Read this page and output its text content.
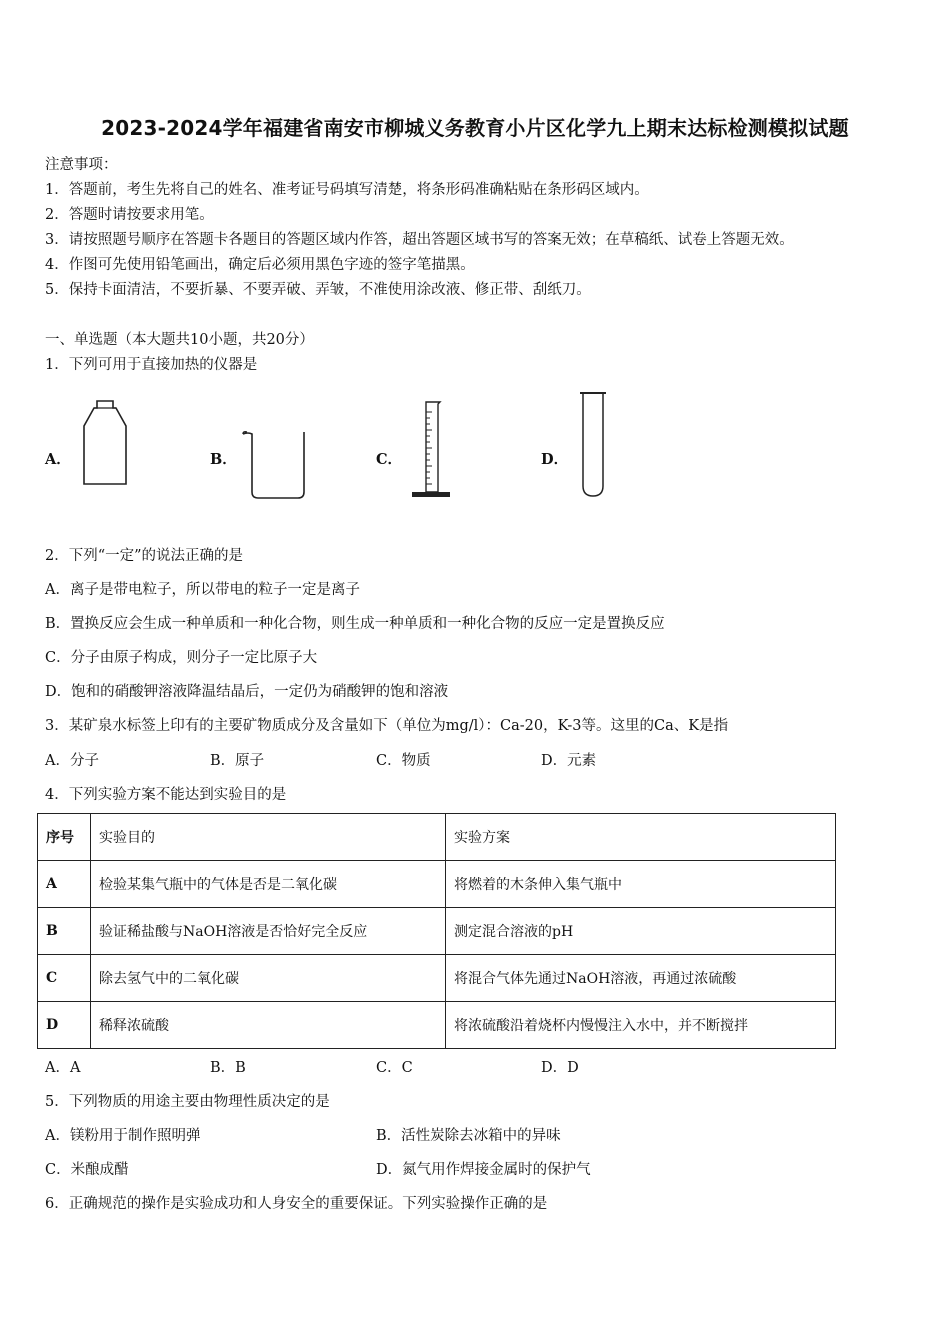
2023-2024学年福建省南安市柳城义务教育小片区化学九上期末达标检测模拟试题
注意事项：
1．答题前，考生先将自己的姓名、准考证号码填写清楚，将条形码准确粘贴在条形码区域内。
2．答题时请按要求用笔。
3．请按照题号顺序在答题卡各题目的答题区域内作答，超出答题区域书写的答案无效；在草稿纸、试卷上答题无效。
4．作图可先使用铅笔画出，确定后必须用黑色字迹的签字笔描黑。
5．保持卡面清洁，不要折暴、不要弄破、弄皱，不准使用涂改液、修正带、刮纸刀。
一、单选题（本大题共10小题，共20分）
1．下列可用于直接加热的仪器是
A．	B．	C．	D．
2．下列“一定”的说法正确的是
A．离子是带电粒子，所以带电的粒子一定是离子
B．置换反应会生成一种单质和一种化合物，则生成一种单质和一种化合物的反应一定是置换反应
C．分子由原子构成，则分子一定比原子大
D．饱和的硝酸钾溶液降温结晶后，一定仍为硝酸钾的饱和溶液
3．某矿泉水标签上印有的主要矿物质成分及含量如下（单位为mg/l）：Ca-20，K-3等。这里的Ca、K是指
A．分子	B．原子	C．物质	D．元素
4．下列实验方案不能达到实验目的是
序号	实验目的	实验方案
A	检验某集气瓶中的气体是否是二氧化碳	将燃着的木条伸入集气瓶中
B	验证稀盐酸与NaOH溶液是否恰好完全反应	测定混合溶液的pH
C	除去氢气中的二氧化碳	将混合气体先通过NaOH溶液，再通过浓硫酸
D	稀释浓硫酸	将浓硫酸沿着烧杯内慢慢注入水中，并不断搅拌
A．A	B．B	C．C	D．D
5．下列物质的用途主要由物理性质决定的是
A．镁粉用于制作照明弹	B．活性炭除去冰箱中的异味
C．米酿成醋	D．氮气用作焊接金属时的保护气
6．正确规范的操作是实验成功和人身安全的重要保证。下列实验操作正确的是
